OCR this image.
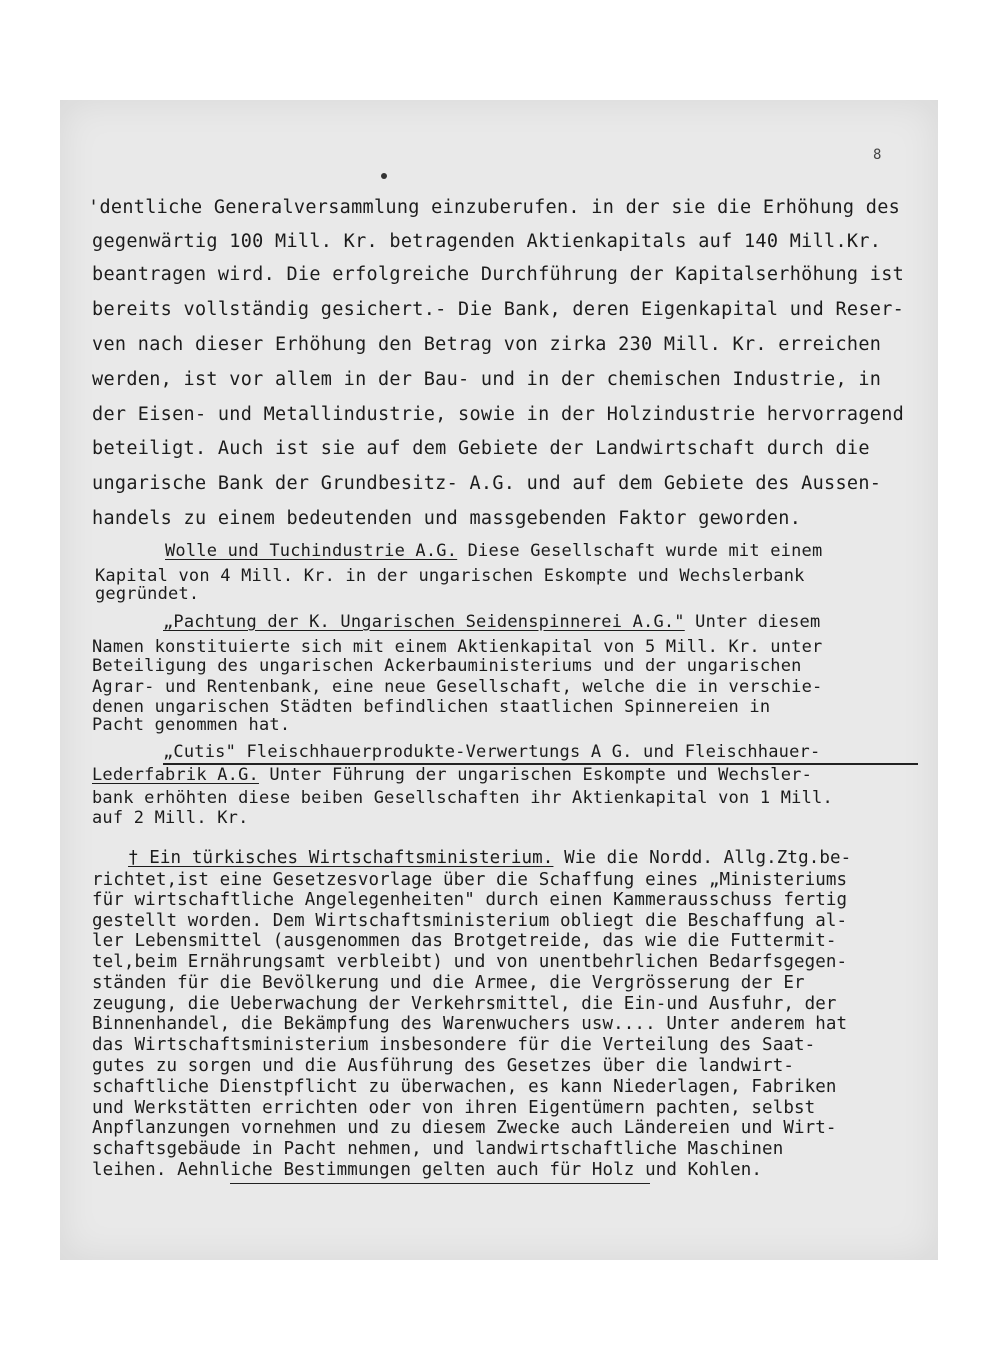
8
'dentliche Generalversammlung einzuberufen. in der sie die Erhöhung des
gegenwärtig 100 Mill. Kr. betragenden Aktienkapitals auf 140 Mill.Kr.
beantragen wird. Die erfolgreiche Durchführung der Kapitalserhöhung ist
bereits vollständig gesichert.- Die Bank, deren Eigenkapital und Reser-
ven nach dieser Erhöhung den Betrag von zirka 230 Mill. Kr. erreichen
werden, ist vor allem in der Bau- und in der chemischen Industrie, in
der Eisen- und Metallindustrie, sowie in der Holzindustrie hervorragend
beteiligt. Auch ist sie auf dem Gebiete der Landwirtschaft durch die
ungarische Bank der Grundbesitz- A.G. und auf dem Gebiete des Aussen-
handels zu einem bedeutenden und massgebenden Faktor geworden.
Wolle und Tuchindustrie A.G. Diese Gesellschaft wurde mit einem
Kapital von 4 Mill. Kr. in der ungarischen Eskompte und Wechslerbank
gegründet.
„Pachtung der K. Ungarischen Seidenspinnerei A.G." Unter diesem
Namen konstituierte sich mit einem Aktienkapital von 5 Mill. Kr. unter
Beteiligung des ungarischen Ackerbauministeriums und der ungarischen
Agrar- und Rentenbank, eine neue Gesellschaft, welche die in verschie-
denen ungarischen Städten befindlichen staatlichen Spinnereien in
Pacht genommen hat.
„Cutis" Fleischhauerprodukte-Verwertungs A G. und Fleischhauer-
Lederfabrik A.G. Unter Führung der ungarischen Eskompte und Wechsler-
bank erhöhten diese beiben Gesellschaften ihr Aktienkapital von 1 Mill.
auf 2 Mill. Kr.
† Ein türkisches Wirtschaftsministerium. Wie die Nordd. Allg.Ztg.be-
richtet,ist eine Gesetzesvorlage über die Schaffung eines „Ministeriums
für wirtschaftliche Angelegenheiten" durch einen Kammerausschuss fertig
gestellt worden. Dem Wirtschaftsministerium obliegt die Beschaffung al-
ler Lebensmittel (ausgenommen das Brotgetreide, das wie die Futtermit-
tel,beim Ernährungsamt verbleibt) und von unentbehrlichen Bedarfsgegen-
ständen für die Bevölkerung und die Armee, die Vergrösserung der Er
zeugung, die Ueberwachung der Verkehrsmittel, die Ein-und Ausfuhr, der
Binnenhandel, die Bekämpfung des Warenwuchers usw.... Unter anderem hat
das Wirtschaftsministerium insbesondere für die Verteilung des Saat-
gutes zu sorgen und die Ausführung des Gesetzes über die landwirt-
schaftliche Dienstpflicht zu überwachen, es kann Niederlagen, Fabriken
und Werkstätten errichten oder von ihren Eigentümern pachten, selbst
Anpflanzungen vornehmen und zu diesem Zwecke auch Ländereien und Wirt-
schaftsgebäude in Pacht nehmen, und landwirtschaftliche Maschinen
leihen. Aehnliche Bestimmungen gelten auch für Holz und Kohlen.
